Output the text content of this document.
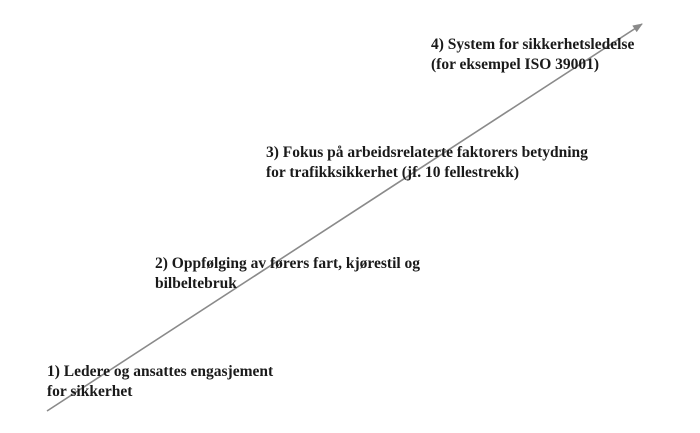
4) System for sikkerhetsledelse
(for eksempel ISO 39001)
3) Fokus på arbeidsrelaterte faktorers betydning
for trafikksikkerhet (jf. 10 fellestrekk)
2) Oppfølging av førers fart, kjørestil og
bilbeltebruk
1) Ledere og ansattes engasjement
for sikkerhet
